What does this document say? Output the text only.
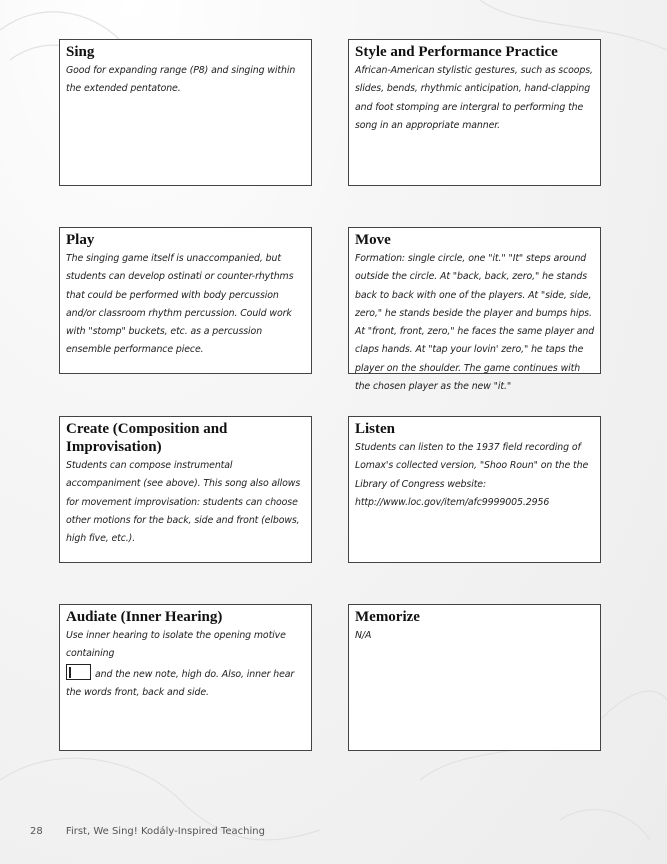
Sing
Good for expanding range (P8) and singing within the extended pentatone.
Style and Performance Practice
African-American stylistic gestures, such as scoops, slides, bends, rhythmic anticipation, hand-clapping and foot stomping are intergral to performing the song in an appropriate manner.
Play
The singing game itself is unaccompanied, but students can develop ostinati or counter-rhythms that could be performed with body percussion and/or classroom rhythm percussion. Could work with "stomp" buckets, etc. as a percussion ensemble performance piece.
Move
Formation: single circle, one "it." "It" steps around outside the circle. At "back, back, zero," he stands back to back with one of the players. At "side, side, zero," he stands beside the player and bumps hips. At "front, front, zero," he faces the same player and claps hands. At "tap your lovin' zero," he taps the player on the shoulder. The game continues with the chosen player as the new "it."
Create (Composition and Improvisation)
Students can compose instrumental accompaniment (see above). This song also allows for movement improvisation: students can choose other motions for the back, side and front (elbows, high five, etc.).
Listen
Students can listen to the 1937 field recording of Lomax's collected version, "Shoo Roun" on the the Library of Congress website: http://www.loc.gov/item/afc9999005.2956
Audiate (Inner Hearing)
Use inner hearing to isolate the opening motive containing
and the new note, high do. Also, inner hear the words front, back and side.
Memorize
N/A
28 First, We Sing! Kodály-Inspired Teaching
